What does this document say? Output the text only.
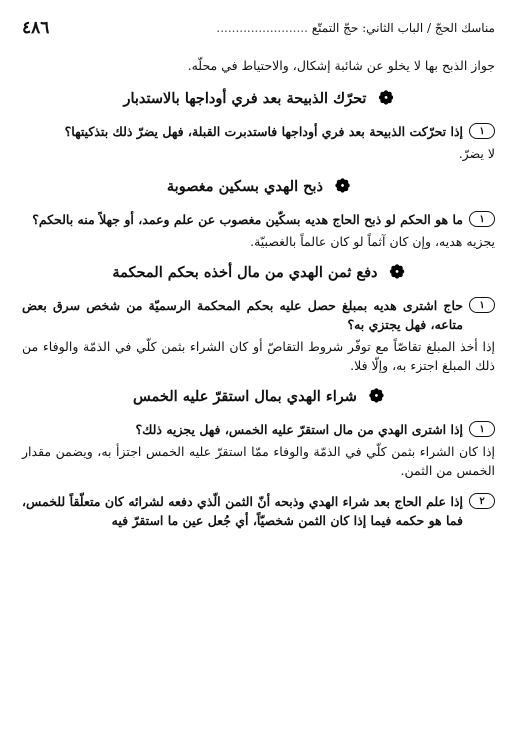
٤٨٦	مناسك الحجّ / الباب الثاني: حجّ التمتّع ........................

جواز الذبح بها لا يخلو عن شائبة إشكال، والاحتياط في محلّه.

❁
تحرّك الذبيحة بعد فري أوداجها بالاستدبار
١
إذا تحرّكت الذبيحة بعد فري أوداجها فاستدبرت القبلة، فهل يضرّ ذلك بتذكيتها؟

لا يضرّ.

❁
ذبح الهدي بسكين مغصوبة
١
ما هو الحكم لو ذبح الحاج هديه بسكّين مغصوب عن علم وعمد، أو جهلاً منه بالحكم؟

يجزيه هديه، وإن كان آثماً لو كان عالماً بالغصبيّة.

❁
دفع ثمن الهدي من مال أخذه بحكم المحكمة
١
حاج اشترى هديه بمبلغ حصل عليه بحكم المحكمة الرسميّة من شخص سرق بعض متاعه، فهل يجتزي به؟

إذا أخذ المبلغ تقاصّاً مع توفّر شروط التقاصّ أو كان الشراء بثمن كلّي في الذمّة والوفاء من ذلك المبلغ اجتزء به، وإلّا فلا.

❁
شراء الهدي بمال استقرّ عليه الخمس
١
إذا اشترى الهدي من مال استقرّ عليه الخمس، فهل يجزيه ذلك؟

إذا كان الشراء بثمن كلّي في الذمّة والوفاء ممّا استقرّ عليه الخمس اجتزأ به، ويضمن مقدار الخمس من الثمن.

٢
إذا علم الحاج بعد شراء الهدي وذبحه أنّ الثمن الّذي دفعه لشرائه كان متعلّقاً للخمس، فما هو حكمه فيما إذا كان الثمن شخصيّاً، أي جُعل عين ما استقرّ فيه
